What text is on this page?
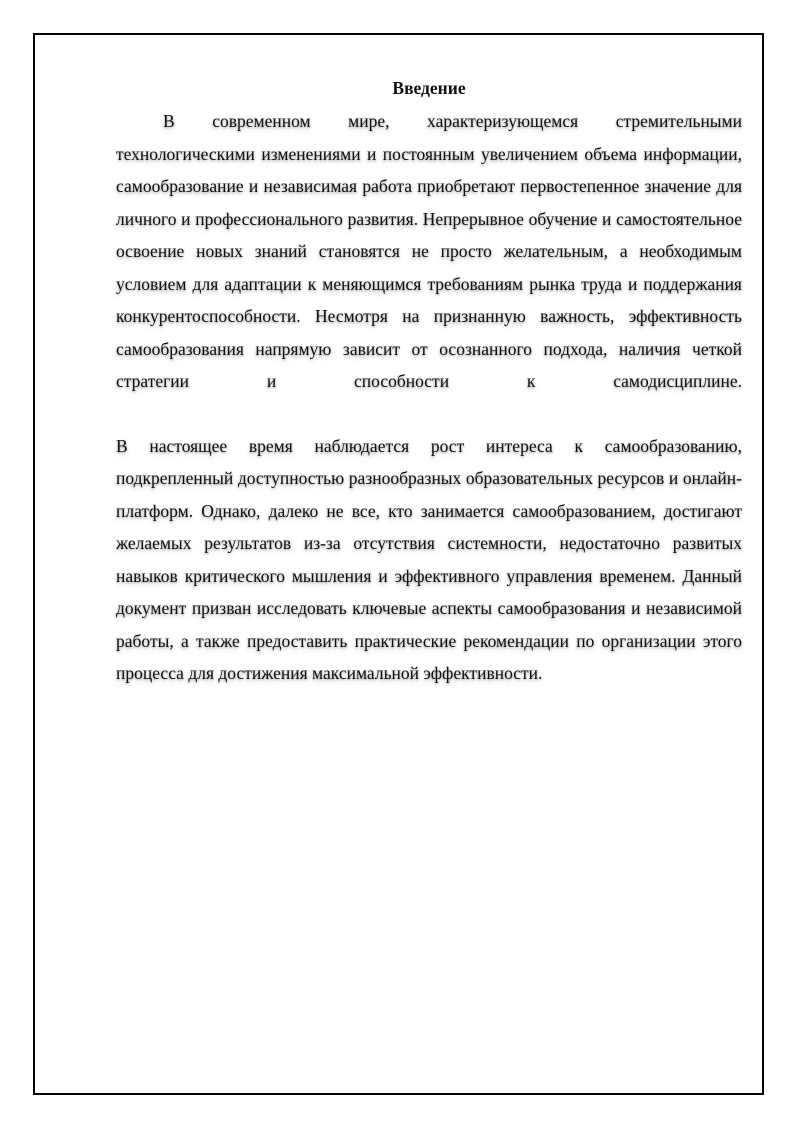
Введение

В современном мире, характеризующемся стремительными технологическими изменениями и постоянным увеличением объема информации, самообразование и независимая работа приобретают первостепенное значение для личного и профессионального развития. Непрерывное обучение и самостоятельное освоение новых знаний становятся не просто желательным, а необходимым условием для адаптации к меняющимся требованиям рынка труда и поддержания конкурентоспособности. Несмотря на признанную важность, эффективность самообразования напрямую зависит от осознанного подхода, наличия четкой стратегии и способности к самодисциплине.

В настоящее время наблюдается рост интереса к самообразованию, подкрепленный доступностью разнообразных образовательных ресурсов и онлайн-платформ. Однако, далеко не все, кто занимается самообразованием, достигают желаемых результатов из-за отсутствия системности, недостаточно развитых навыков критического мышления и эффективного управления временем. Данный документ призван исследовать ключевые аспекты самообразования и независимой работы, а также предоставить практические рекомендации по организации этого процесса для достижения максимальной эффективности.
